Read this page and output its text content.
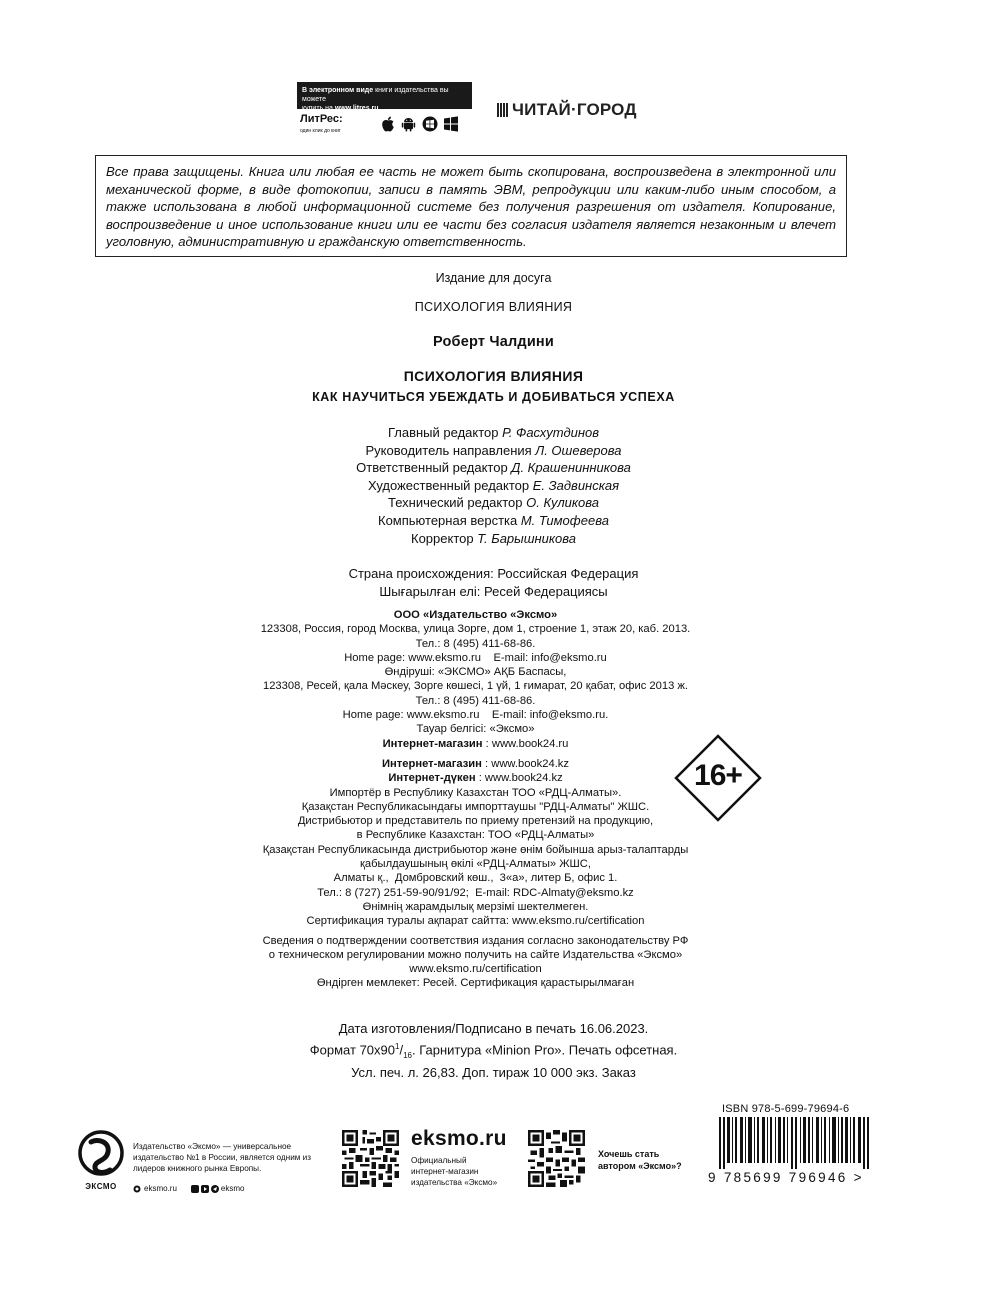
В электронном виде книги издательства вы можете
купить на www.litres.ru
ЛитРес:
один клик до книг
ЧИТАЙ·ГОРОД
Все права защищены. Книга или любая ее часть не может быть скопирована, воспроизведена в электронной или механической форме, в виде фотокопии, записи в память ЭВМ, репродукции или каким-либо иным способом, а также использована в любой информационной системе без получения разрешения от издателя. Копирование, воспроизведение и иное использование книги или ее части без согласия издателя является незаконным и влечет уголовную, административную и гражданскую ответственность.
Издание для досуга
ПСИХОЛОГИЯ ВЛИЯНИЯ
Роберт Чалдини
ПСИХОЛОГИЯ ВЛИЯНИЯ
КАК НАУЧИТЬСЯ УБЕЖДАТЬ И ДОБИВАТЬСЯ УСПЕХА
Главный редактор Р. Фасхутдинов
Руководитель направления Л. Ошеверова
Ответственный редактор Д. Крашенинникова
Художественный редактор Е. Задвинская
Технический редактор О. Куликова
Компьютерная верстка М. Тимофеева
Корректор Т. Барышникова
Страна происхождения: Российская Федерация
Шығарылған елі: Ресей Федерациясы
ООО «Издательство «Эксмо»
123308, Россия, город Москва, улица Зорге, дом 1, строение 1, этаж 20, каб. 2013.
Тел.: 8 (495) 411-68-86.
Home page: www.eksmo.ru    E-mail: info@eksmo.ru
Өндіруші: «ЭКСМО» АҚБ Баспасы,
123308, Ресей, қала Мәскеу, Зорге көшесі, 1 үй, 1 ғимарат, 20 қабат, офис 2013 ж.
Тел.: 8 (495) 411-68-86.
Home page: www.eksmo.ru    E-mail: info@eksmo.ru.
Тауар белгісі: «Эксмо»
Интернет-магазин : www.book24.ru
Интернет-магазин : www.book24.kz
Интернет-дүкен : www.book24.kz
Импортёр в Республику Казахстан ТОО «РДЦ-Алматы».
Қазақстан Республикасындағы импорттаушы "РДЦ-Алматы" ЖШС.
Дистрибьютор и представитель по приему претензий на продукцию,
в Республике Казахстан: ТОО «РДЦ-Алматы»
Қазақстан Республикасында дистрибьютор және өнім бойынша арыз-талаптарды
қабылдаушының өкілі «РДЦ-Алматы» ЖШС,
Алматы қ.,  Домбровский көш.,  3«а», литер Б, офис 1.
Тел.: 8 (727) 251-59-90/91/92;  E-mail: RDC-Almaty@eksmo.kz
Өнімнің жарамдылық мерзімі шектелмеген.
Сертификация туралы ақпарат сайтта: www.eksmo.ru/certification
Сведения о подтверждении соответствия издания согласно законодательству РФ
о техническом регулировании можно получить на сайте Издательства «Эксмо»
www.eksmo.ru/certification
Өндірген мемлекет: Ресей. Сертификация қарастырылмаған
16+
Дата изготовления/Подписано в печать 16.06.2023.
Формат $70x90^1/_{16}$. Гарнитура «Minion Pro». Печать офсетная.
Усл. печ. л. 26,83. Доп. тираж 10 000 экз. Заказ
ЭКСМО
Издательство «Эксмо» — универсальное издательство №1 в России, является одним из лидеров книжного рынка Европы.
eksmo.ru	eksmo
eksmo.ru
Официальный
интернет-магазин
издательства «Эксмо»
Хочешь стать
автором «Эксмо»?
ISBN 978-5-699-79694-6
9 785699 796946 >
